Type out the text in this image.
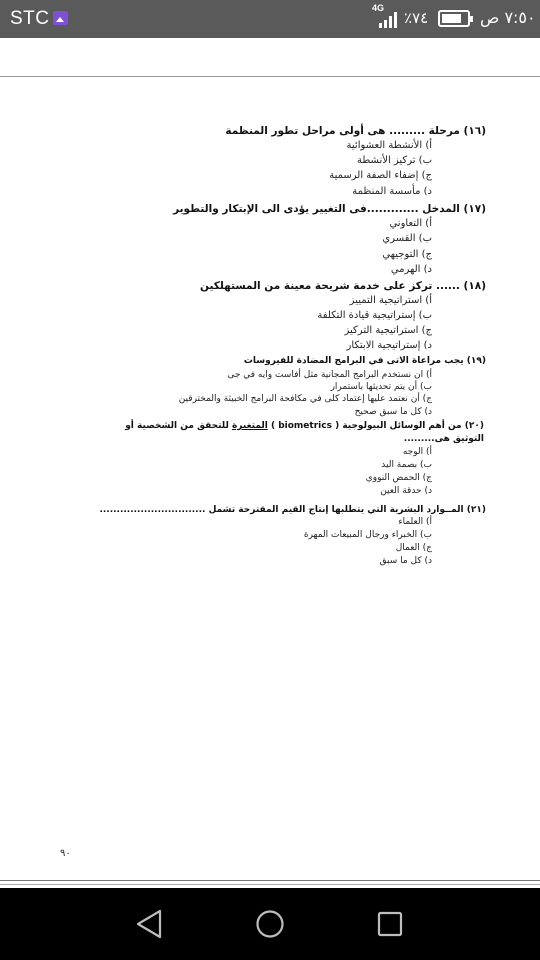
STC	4G
٧٤٪	٧:٥٠ ص
(١٦) مرحلة ......... هى أولى مراحل تطور المنظمة
أ) الأنشطة العشوائية
ب) تركيز الأنشطة
ج) إضفاء الصفة الرسمية
د) مأسسة المنظمة
(١٧) المدخل .............فى التغيير يؤدى الى الإبتكار والتطوير
أ) التعاوني
ب) القسري
ج) التوجيهي
د) الهرمي
(١٨) ...... تركز على خدمة شريحة معينة من المستهلكين
أ) استراتيجية التمييز
ب) إستراتيجية قيادة التكلفة
ج) استراتيجية التركيز
د) إستراتيجية الابتكار
(١٩) يجب مراعاة الاتى في البرامج المضادة للفيروسات
أ) ان نستخدم البرامج المجانية مثل أفاست وايه في جى
ب) أن يتم تحديثها باستمرار
ج) أن نعتمد عليها إعتماد كلى في مكافحة البرامج الخبيثة والمخترقين
د) كل ما سبق صحيح
(٢٠) من أهم الوسائل البيولوجية ( biometrics ) المتغيرة للتحقق من الشخصية أو
التوثيق هى.........
أ) الوجه
ب) بصمة اليد
ج) الحمض النووي
د) حدقة العين
(٢١) المــوارد البشرية التي يتطلبها إنتاج القيم المقترحة تشمل ...............................
أ) العلماء
ب) الخبراء ورجال المبيعات المهرة
ج) العمال
د) كل ما سبق
٩٠
